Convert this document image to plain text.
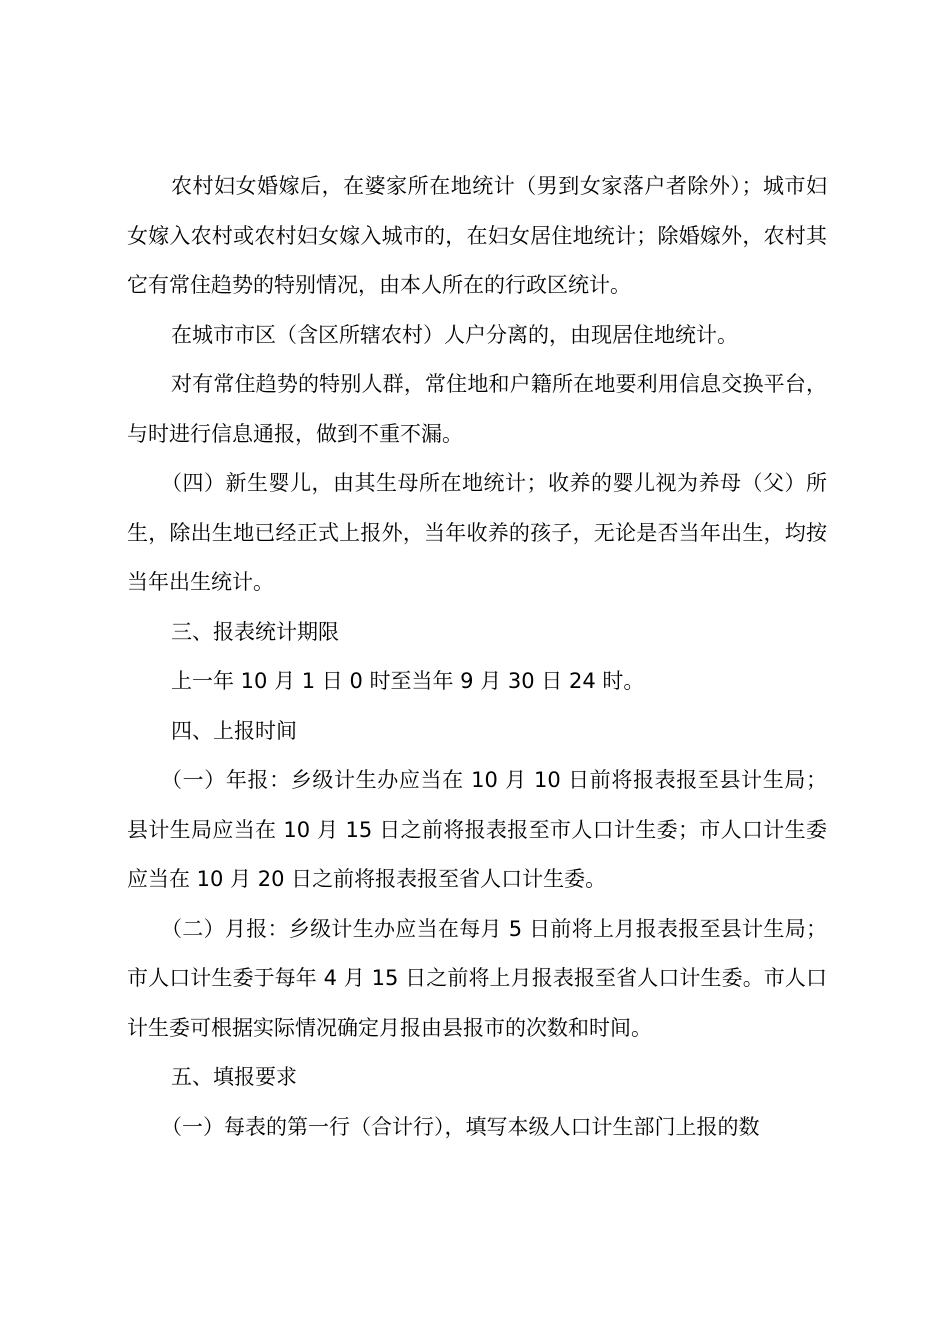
农村妇女婚嫁后，在婆家所在地统计（男到女家落户者除外）；城市妇女嫁入农村或农村妇女嫁入城市的，在妇女居住地统计；除婚嫁外，农村其它有常住趋势的特别情况，由本人所在的行政区统计。

在城市市区（含区所辖农村）人户分离的，由现居住地统计。

对有常住趋势的特别人群，常住地和户籍所在地要利用信息交换平台，与时进行信息通报，做到不重不漏。

（四）新生婴儿，由其生母所在地统计；收养的婴儿视为养母（父）所生，除出生地已经正式上报外，当年收养的孩子，无论是否当年出生，均按当年出生统计。

三、报表统计期限

上一年 10 月 1 日 0 时至当年 9 月 30 日 24 时。

四、上报时间

（一）年报：乡级计生办应当在 10 月 10 日前将报表报至县计生局；县计生局应当在 10 月 15 日之前将报表报至市人口计生委；市人口计生委应当在 10 月 20 日之前将报表报至省人口计生委。

（二）月报：乡级计生办应当在每月 5 日前将上月报表报至县计生局；市人口计生委于每年 4 月 15 日之前将上月报表报至省人口计生委。市人口计生委可根据实际情况确定月报由县报市的次数和时间。

五、填报要求

（一）每表的第一行（合计行），填写本级人口计生部门上报的数
